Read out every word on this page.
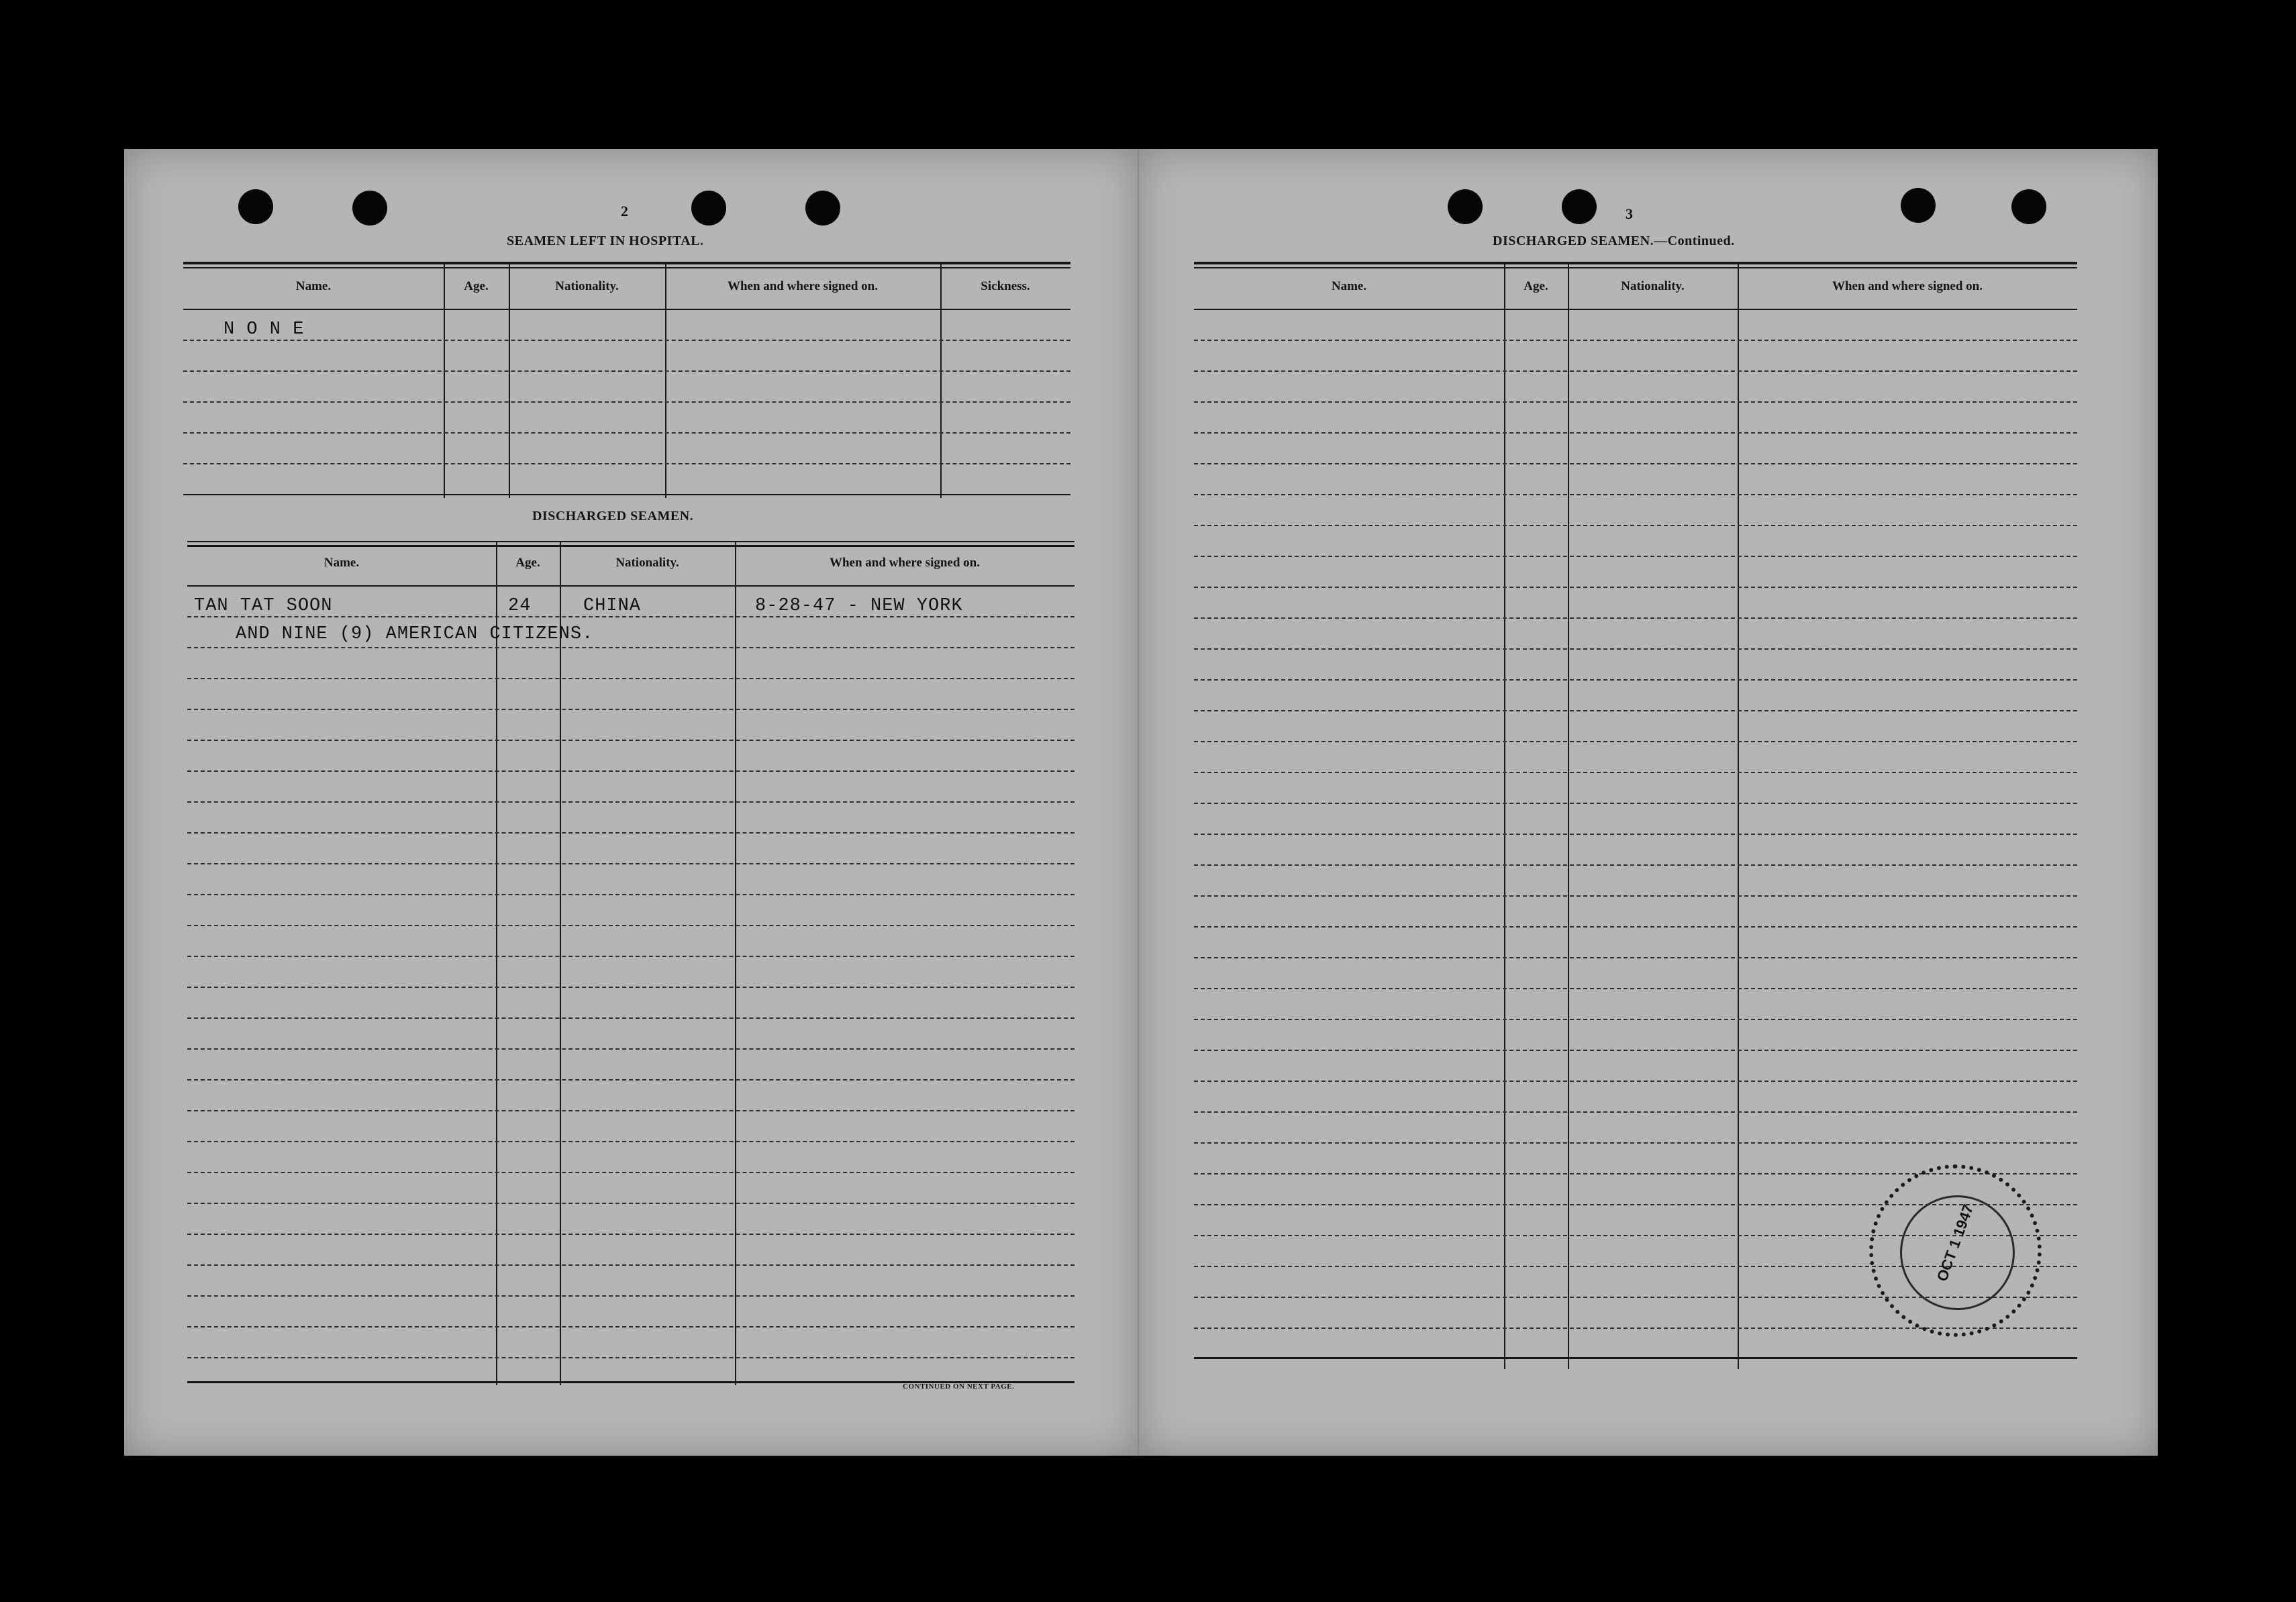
2
SEAMEN LEFT IN HOSPITAL.
Name.	Age.	Nationality.	When and where signed on.	Sickness.
N O N E
DISCHARGED SEAMEN.
Name.	Age.	Nationality.	When and where signed on.
TAN TAT SOON	24	CHINA	8-28-47 - NEW YORK
AND NINE (9) AMERICAN CITIZENS.
CONTINUED ON NEXT PAGE.
3
DISCHARGED SEAMEN.—Continued.
Name.	Age.	Nationality.	When and where signed on.
OCT 1 1947
